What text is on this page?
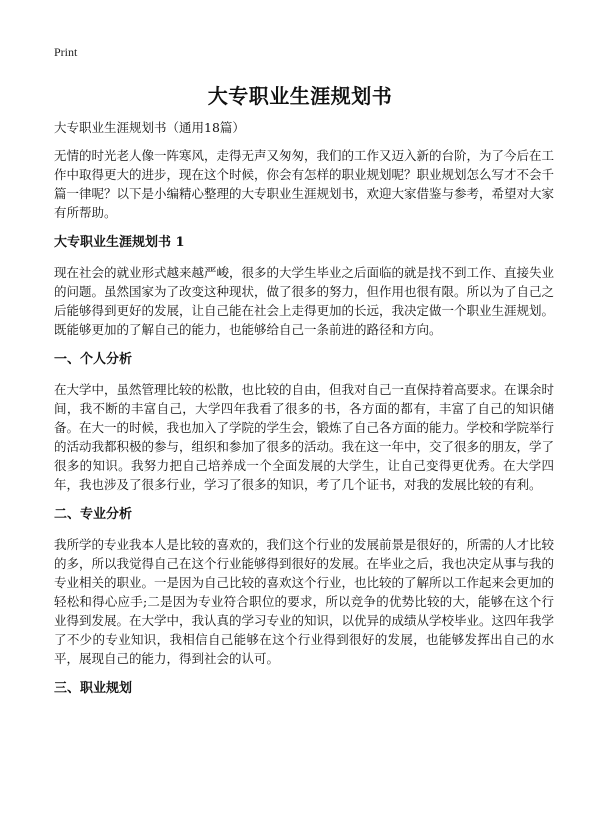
Print
大专职业生涯规划书
大专职业生涯规划书（通用18篇）

无情的时光老人像一阵寒风，走得无声又匆匆，我们的工作又迈入新的台阶，为了今后在工作中取得更大的进步，现在这个时候，你会有怎样的职业规划呢？职业规划怎么写才不会千篇一律呢？以下是小编精心整理的大专职业生涯规划书，欢迎大家借鉴与参考，希望对大家有所帮助。

大专职业生涯规划书 1

现在社会的就业形式越来越严峻，很多的大学生毕业之后面临的就是找不到工作、直接失业的问题。虽然国家为了改变这种现状，做了很多的努力，但作用也很有限。所以为了自己之后能够得到更好的发展，让自己能在社会上走得更加的长远，我决定做一个职业生涯规划。既能够更加的了解自己的能力，也能够给自己一条前进的路径和方向。

一、个人分析

在大学中，虽然管理比较的松散，也比较的自由，但我对自己一直保持着高要求。在课余时间，我不断的丰富自己，大学四年我看了很多的书，各方面的都有，丰富了自己的知识储备。在大一的时候，我也加入了学院的学生会，锻炼了自己各方面的能力。学校和学院举行的活动我都积极的参与，组织和参加了很多的活动。我在这一年中，交了很多的朋友，学了很多的知识。我努力把自己培养成一个全面发展的大学生，让自己变得更优秀。在大学四年，我也涉及了很多行业，学习了很多的知识，考了几个证书，对我的发展比较的有利。

二、专业分析

我所学的专业我本人是比较的喜欢的，我们这个行业的发展前景是很好的，所需的人才比较的多，所以我觉得自己在这个行业能够得到很好的发展。在毕业之后，我也决定从事与我的 专业相关的职业。一是因为自己比较的喜欢这个行业，也比较的了解所以工作起来会更加的轻松和得心应手;二是因为专业符合职位的要求，所以竞争的优势比较的大，能够在这个行业得到发展。在大学中，我认真的学习专业的知识，以优异的成绩从学校毕业。这四年我学了不少的专业知识，我相信自己能够在这个行业得到很好的发展，也能够发挥出自己的水平，展现自己的能力，得到社会的认可。

三、职业规划
